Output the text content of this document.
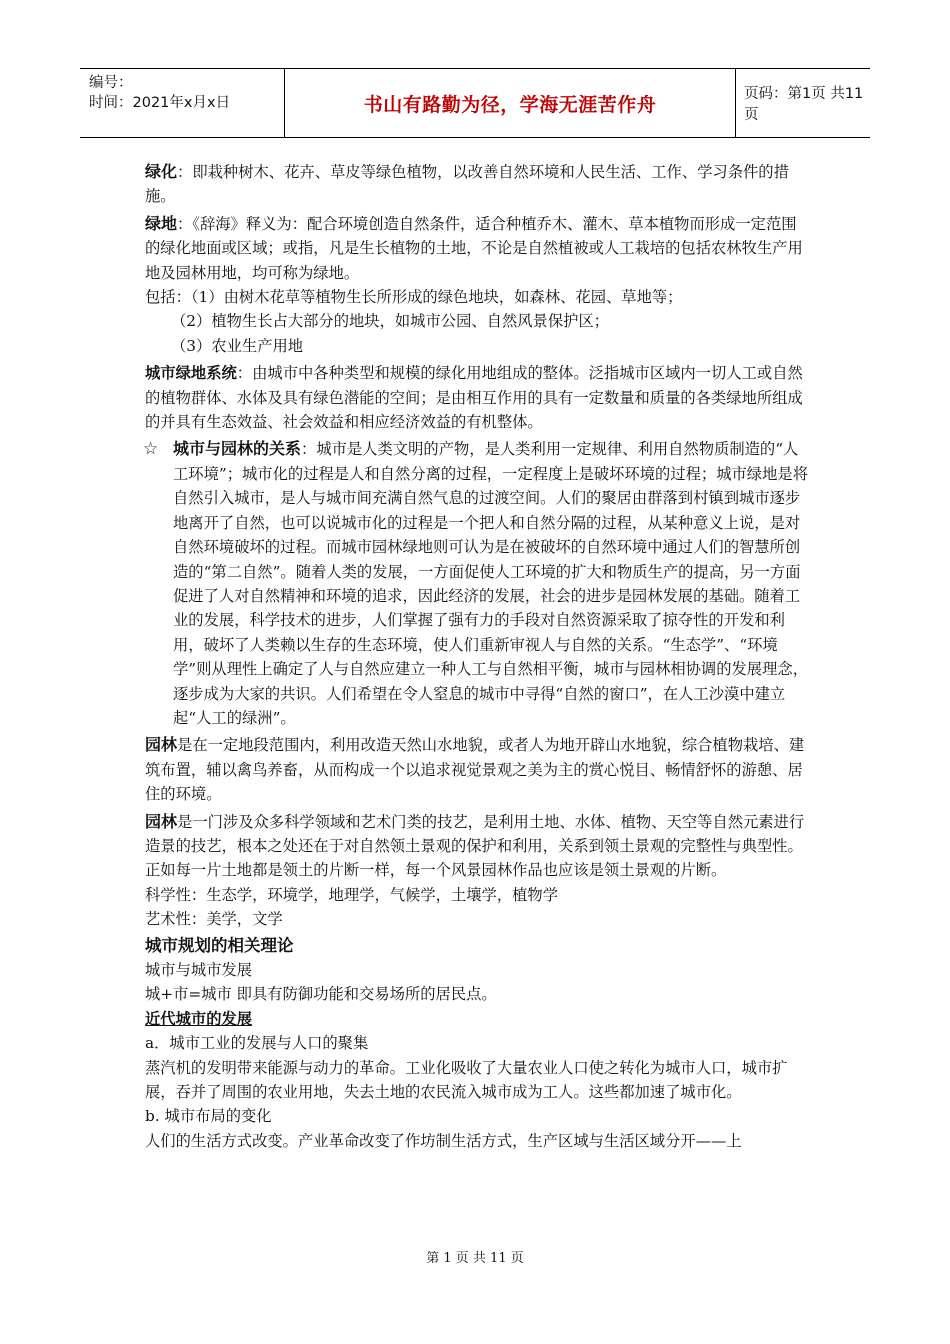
编号：
时间：2021年x月x日	书山有路勤为径，学海无涯苦作舟	页码：第1页 共11页

绿化：即栽种树木、花卉、草皮等绿色植物，以改善自然环境和人民生活、工作、学习条件的措施。

绿地：《辞海》释义为：配合环境创造自然条件，适合种植乔木、灌木、草本植物而形成一定范围的绿化地面或区域；或指，凡是生长植物的土地，不论是自然植被或人工栽培的包括农林牧生产用地及园林用地，均可称为绿地。

包括：（1）由树木花草等植物生长所形成的绿色地块，如森林、花园、草地等；

（2）植物生长占大部分的地块，如城市公园、自然风景保护区；

（3）农业生产用地

城市绿地系统：由城市中各种类型和规模的绿化用地组成的整体。泛指城市区域内一切人工或自然的植物群体、水体及具有绿色潜能的空间；是由相互作用的具有一定数量和质量的各类绿地所组成的并具有生态效益、社会效益和相应经济效益的有机整体。

☆ 城市与园林的关系：城市是人类文明的产物，是人类利用一定规律、利用自然物质制造的“人工环境”；城市化的过程是人和自然分离的过程，一定程度上是破坏环境的过程；城市绿地是将自然引入城市，是人与城市间充满自然气息的过渡空间。人们的聚居由群落到村镇到城市逐步地离开了自然，也可以说城市化的过程是一个把人和自然分隔的过程，从某种意义上说，是对自然环境破坏的过程。而城市园林绿地则可认为是在被破坏的自然环境中通过人们的智慧所创造的“第二自然”。随着人类的发展，一方面促使人工环境的扩大和物质生产的提高，另一方面促进了人对自然精神和环境的追求，因此经济的发展，社会的进步是园林发展的基础。随着工业的发展，科学技术的进步，人们掌握了强有力的手段对自然资源采取了掠夺性的开发和利用，破坏了人类赖以生存的生态环境，使人们重新审视人与自然的关系。“生态学”、“环境学”则从理性上确定了人与自然应建立一种人工与自然相平衡，城市与园林相协调的发展理念，逐步成为大家的共识。人们希望在令人窒息的城市中寻得“自然的窗口”，在人工沙漠中建立起“人工的绿洲”。

园林是在一定地段范围内，利用改造天然山水地貌，或者人为地开辟山水地貌，综合植物栽培、建筑布置，辅以禽鸟养畜，从而构成一个以追求视觉景观之美为主的赏心悦目、畅情舒怀的游憩、居住的环境。

园林是一门涉及众多科学领域和艺术门类的技艺，是利用土地、水体、植物、天空等自然元素进行造景的技艺，根本之处还在于对自然领土景观的保护和利用，关系到领土景观的完整性与典型性。正如每一片土地都是领土的片断一样，每一个风景园林作品也应该是领土景观的片断。

科学性：生态学，环境学，地理学，气候学，土壤学，植物学

艺术性：美学，文学

城市规划的相关理论

城市与城市发展

城+市=城市 即具有防御功能和交易场所的居民点。

近代城市的发展

a．城市工业的发展与人口的聚集

蒸汽机的发明带来能源与动力的革命。工业化吸收了大量农业人口使之转化为城市人口，城市扩展，吞并了周围的农业用地，失去土地的农民流入城市成为工人。这些都加速了城市化。

b. 城市布局的变化

人们的生活方式改变。产业革命改变了作坊制生活方式，生产区域与生活区域分开——上

第 1 页 共 11 页
